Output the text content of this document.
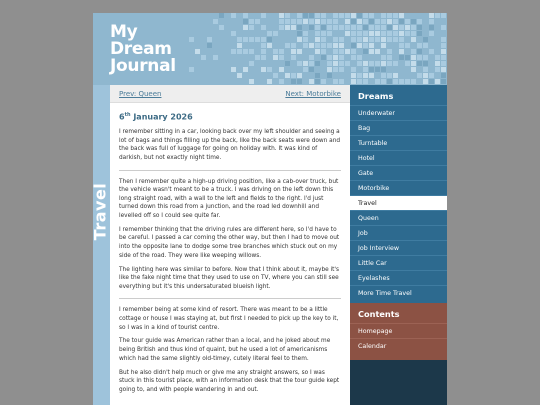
My
Dream
Journal
Travel
Prev: Queen	Next: Motorbike
6th January 2026

I remember sitting in a car, looking back over my left shoulder and seeing a lot of bags and things filling up the back, like the back seats were down and the back was full of luggage for going on holiday with. It was kind of darkish, but not exactly night time.

Then I remember quite a high-up driving position, like a cab-over truck, but the vehicle wasn't meant to be a truck. I was driving on the left down this long straight road, with a wall to the left and fields to the right. I'd just turned down this road from a junction, and the road led downhill and levelled off so I could see quite far.

I remember thinking that the driving rules are different here, so I'd have to be careful. I passed a car coming the other way, but then I had to move out into the opposite lane to dodge some tree branches which stuck out on my side of the road. They were like weeping willows.

The lighting here was similar to before. Now that I think about it, maybe it's like the fake night time that they used to use on TV, where you can still see everything but it's this undersaturated blueish light.

I remember being at some kind of resort. There was meant to be a little cottage or house I was staying at, but first I needed to pick up the key to it, so I was in a kind of tourist centre.

The tour guide was American rather than a local, and he joked about me being British and thus kind of quaint, but he used a lot of americanisms which had the same slightly old-timey, cutely literal feel to them.

But he also didn't help much or give me any straight answers, so I was stuck in this tourist place, with an information desk that the tour guide kept going to, and with people wandering in and out.

Dreams
Underwater
Bag
Turntable
Hotel
Gate
Motorbike
Travel
Queen
Job
Job Interview
Little Car
Eyelashes
More Time Travel
Contents
Homepage
Calendar
